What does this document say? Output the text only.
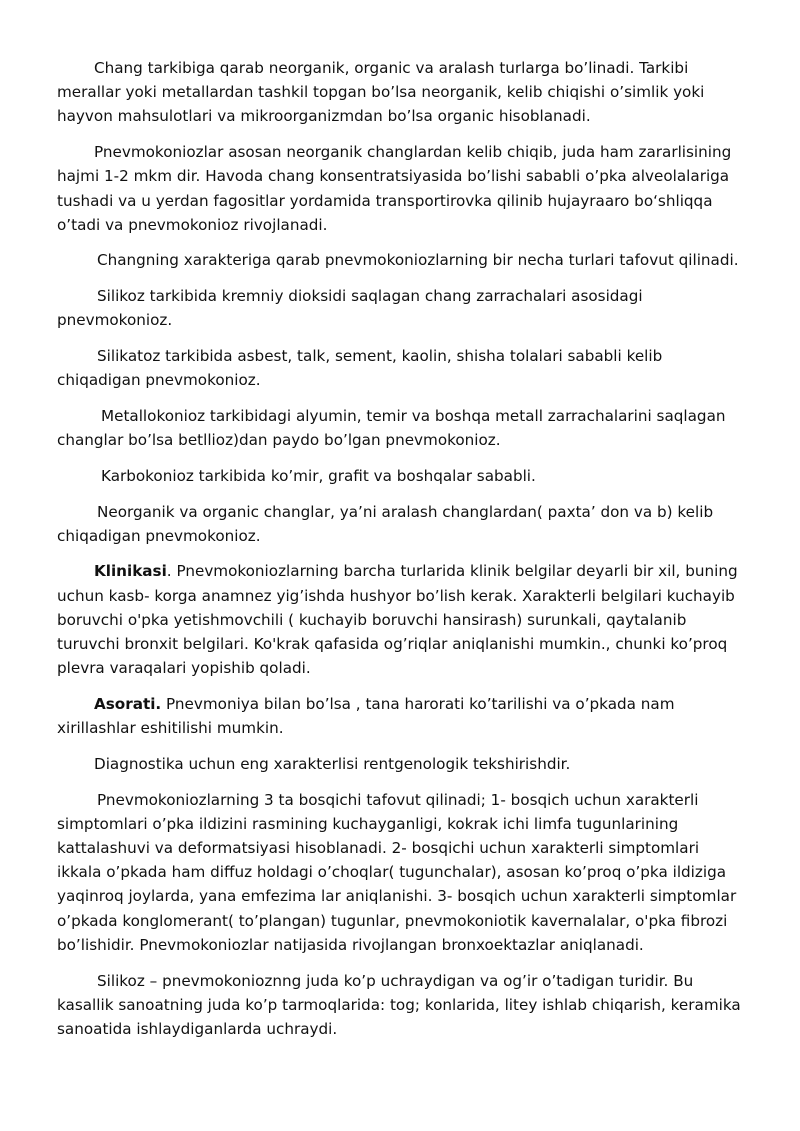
Chang tarkibiga qarab neorganik, organic va aralash turlarga bo’linadi. Tarkibi merallar yoki metallardan tashkil topgan bo’lsa neorganik, kelib chiqishi o’simlik yoki hayvon mahsulotlari va mikroorganizmdan bo’lsa organic hisoblanadi.

Pnevmokoniozlar asosan neorganik changlardan kelib chiqib, juda ham zararlisining hajmi 1-2 mkm dir. Havoda chang konsentratsiyasida bo’lishi sababli o’pka alveolalariga tushadi va u yerdan fagositlar yordamida transportirovka qilinib hujayraaro bo‘shliqqa o’tadi va pnevmokonioz rivojlanadi.

Changning xarakteriga qarab pnevmokoniozlarning bir necha turlari tafovut qilinadi.

Silikoz tarkibida kremniy dioksidi saqlagan chang zarrachalari asosidagi pnevmokonioz.

Silikatoz tarkibida asbest, talk, sement, kaolin, shisha tolalari sababli kelib chiqadigan pnevmokonioz.

Metallokonioz tarkibidagi alyumin, temir va boshqa metall zarrachalarini saqlagan changlar bo’lsa betllioz)dan paydo bo’lgan pnevmokonioz.

Karbokonioz tarkibida ko’mir, grafit va boshqalar sababli.

Neorganik va organic changlar, ya’ni aralash changlardan( paxta’ don va b) kelib chiqadigan pnevmokonioz.

Klinikasi. Pnevmokoniozlarning barcha turlarida klinik belgilar deyarli bir xil, buning uchun kasb- korga anamnez yig’ishda hushyor bo’lish kerak. Xarakterli belgilari kuchayib boruvchi o'pka yetishmovchili ( kuchayib boruvchi hansirash) surunkali, qaytalanib turuvchi bronxit belgilari. Ko'krak qafasida og’riqlar aniqlanishi mumkin., chunki ko’proq plevra varaqalari yopishib qoladi.

Asorati. Pnevmoniya bilan bo’lsa , tana harorati ko’tarilishi va o’pkada nam xirillashlar eshitilishi mumkin.

Diagnostika uchun eng xarakterlisi rentgenologik tekshirishdir.

Pnevmokoniozlarning 3 ta bosqichi tafovut qilinadi; 1- bosqich uchun xarakterli simptomlari o’pka ildizini rasmining kuchayganligi, kokrak ichi limfa tugunlarining kattalashuvi va deformatsiyasi hisoblanadi. 2- bosqichi uchun xarakterli simptomlari ikkala o’pkada ham diffuz holdagi o’choqlar( tugunchalar), asosan ko’proq o’pka ildiziga yaqinroq joylarda, yana emfezima lar aniqlanishi. 3- bosqich uchun xarakterli simptomlar o’pkada konglomerant( to’plangan) tugunlar, pnevmokoniotik kavernalalar, o'pka fibrozi bo’lishidir. Pnevmokoniozlar natijasida rivojlangan bronxoektazlar aniqlanadi.

Silikoz – pnevmokonioznng juda ko’p uchraydigan va og’ir o’tadigan turidir. Bu kasallik sanoatning juda ko’p tarmoqlarida: tog; konlarida, litey ishlab chiqarish, keramika sanoatida ishlaydiganlarda uchraydi.
